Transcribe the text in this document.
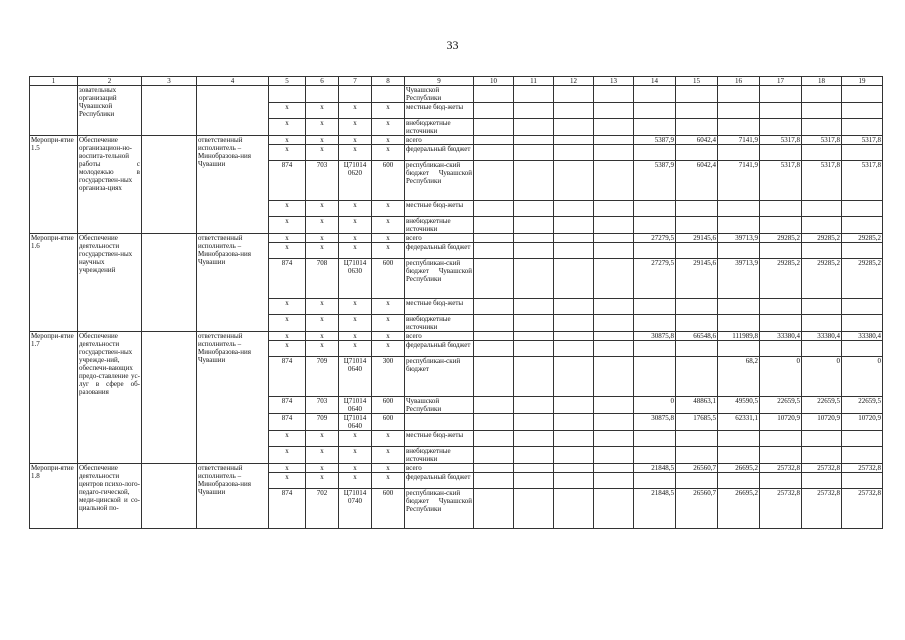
33
1	2	3	4	5	6	7	8	9	10	11	12	13	14	15	16	17	18	19
	зовательных организаций Чувашской Республики							Чувашской Республики										
				x	x	x	x	местные бюд-жеты										
				x	x	x	x	внебюджетные источники										
Меропри-ятие 1.5	Обеспечение организацион-но-воспита-тельной работы с молодежью в государствен-ных организа-циях		ответственный исполнитель – Минобразова-ния Чувашии	x	x	x	x	всего					5387,9	6042,4	7141,9	5317,8	5317,8	5317,8
				x	x	x	x	федеральный бюджет										
				874	703	Ц71014 0620	600	республикан-ский бюджет Чувашской Республики					5387,9	6042,4	7141,9	5317,8	5317,8	5317,8
				x	x	x	x	местные бюд-жеты										
				x	x	x	x	внебюджетные источники										
Меропри-ятие 1.6	Обеспечение деятельности государствен-ных научных учреждений		ответственный исполнитель – Минобразова-ния Чувашии	x	x	x	x	всего					27279,5	29145,6	39713,9	29285,2	29285,2	29285,2
				x	x	x	x	федеральный бюджет										
				874	708	Ц71014 0630	600	республикан-ский бюджет Чувашской Республики					27279,5	29145,6	39713,9	29285,2	29285,2	29285,2
				x	x	x	x	местные бюд-жеты										
				x	x	x	x	внебюджетные источники										
Меропри-ятие 1.7	Обеспечение деятельности государствен-ных учрежде-ний, обеспечи-вающих предо-ставление ус-луг в сфере об-разования		ответственный исполнитель – Минобразова-ния Чувашии	x	x	x	x	всего					30875,8	66548,6	111989,8	33380,4	33380,4	33380,4
				x	x	x	x	федеральный бюджет										
				874	709	Ц71014 0640	300	республикан-ский бюджет							68,2	0	0	0
				874	703	Ц71014 0640	600	Чувашской Республики					0	48863,1	49590,5	22659,5	22659,5	22659,5
				874	709	Ц71014 0640	600						30875,8	17685,5	62331,1	10720,9	10720,9	10720,9
				x	x	x	x	местные бюд-жеты										
				x	x	x	x	внебюджетные источники										
Меропри-ятие 1.8	Обеспечение деятельности центров психо-лого-педаго-гической, меди-цинской и со-циальной по-		ответственный исполнитель – Минобразова-ния Чувашии	x	x	x	x	всего					21848,5	26560,7	26695,2	25732,8	25732,8	25732,8
				x	x	x	x	федеральный бюджет										
				874	702	Ц71014 0740	600	республикан-ский бюджет Чувашской Республики					21848,5	26560,7	26695,2	25732,8	25732,8	25732,8
